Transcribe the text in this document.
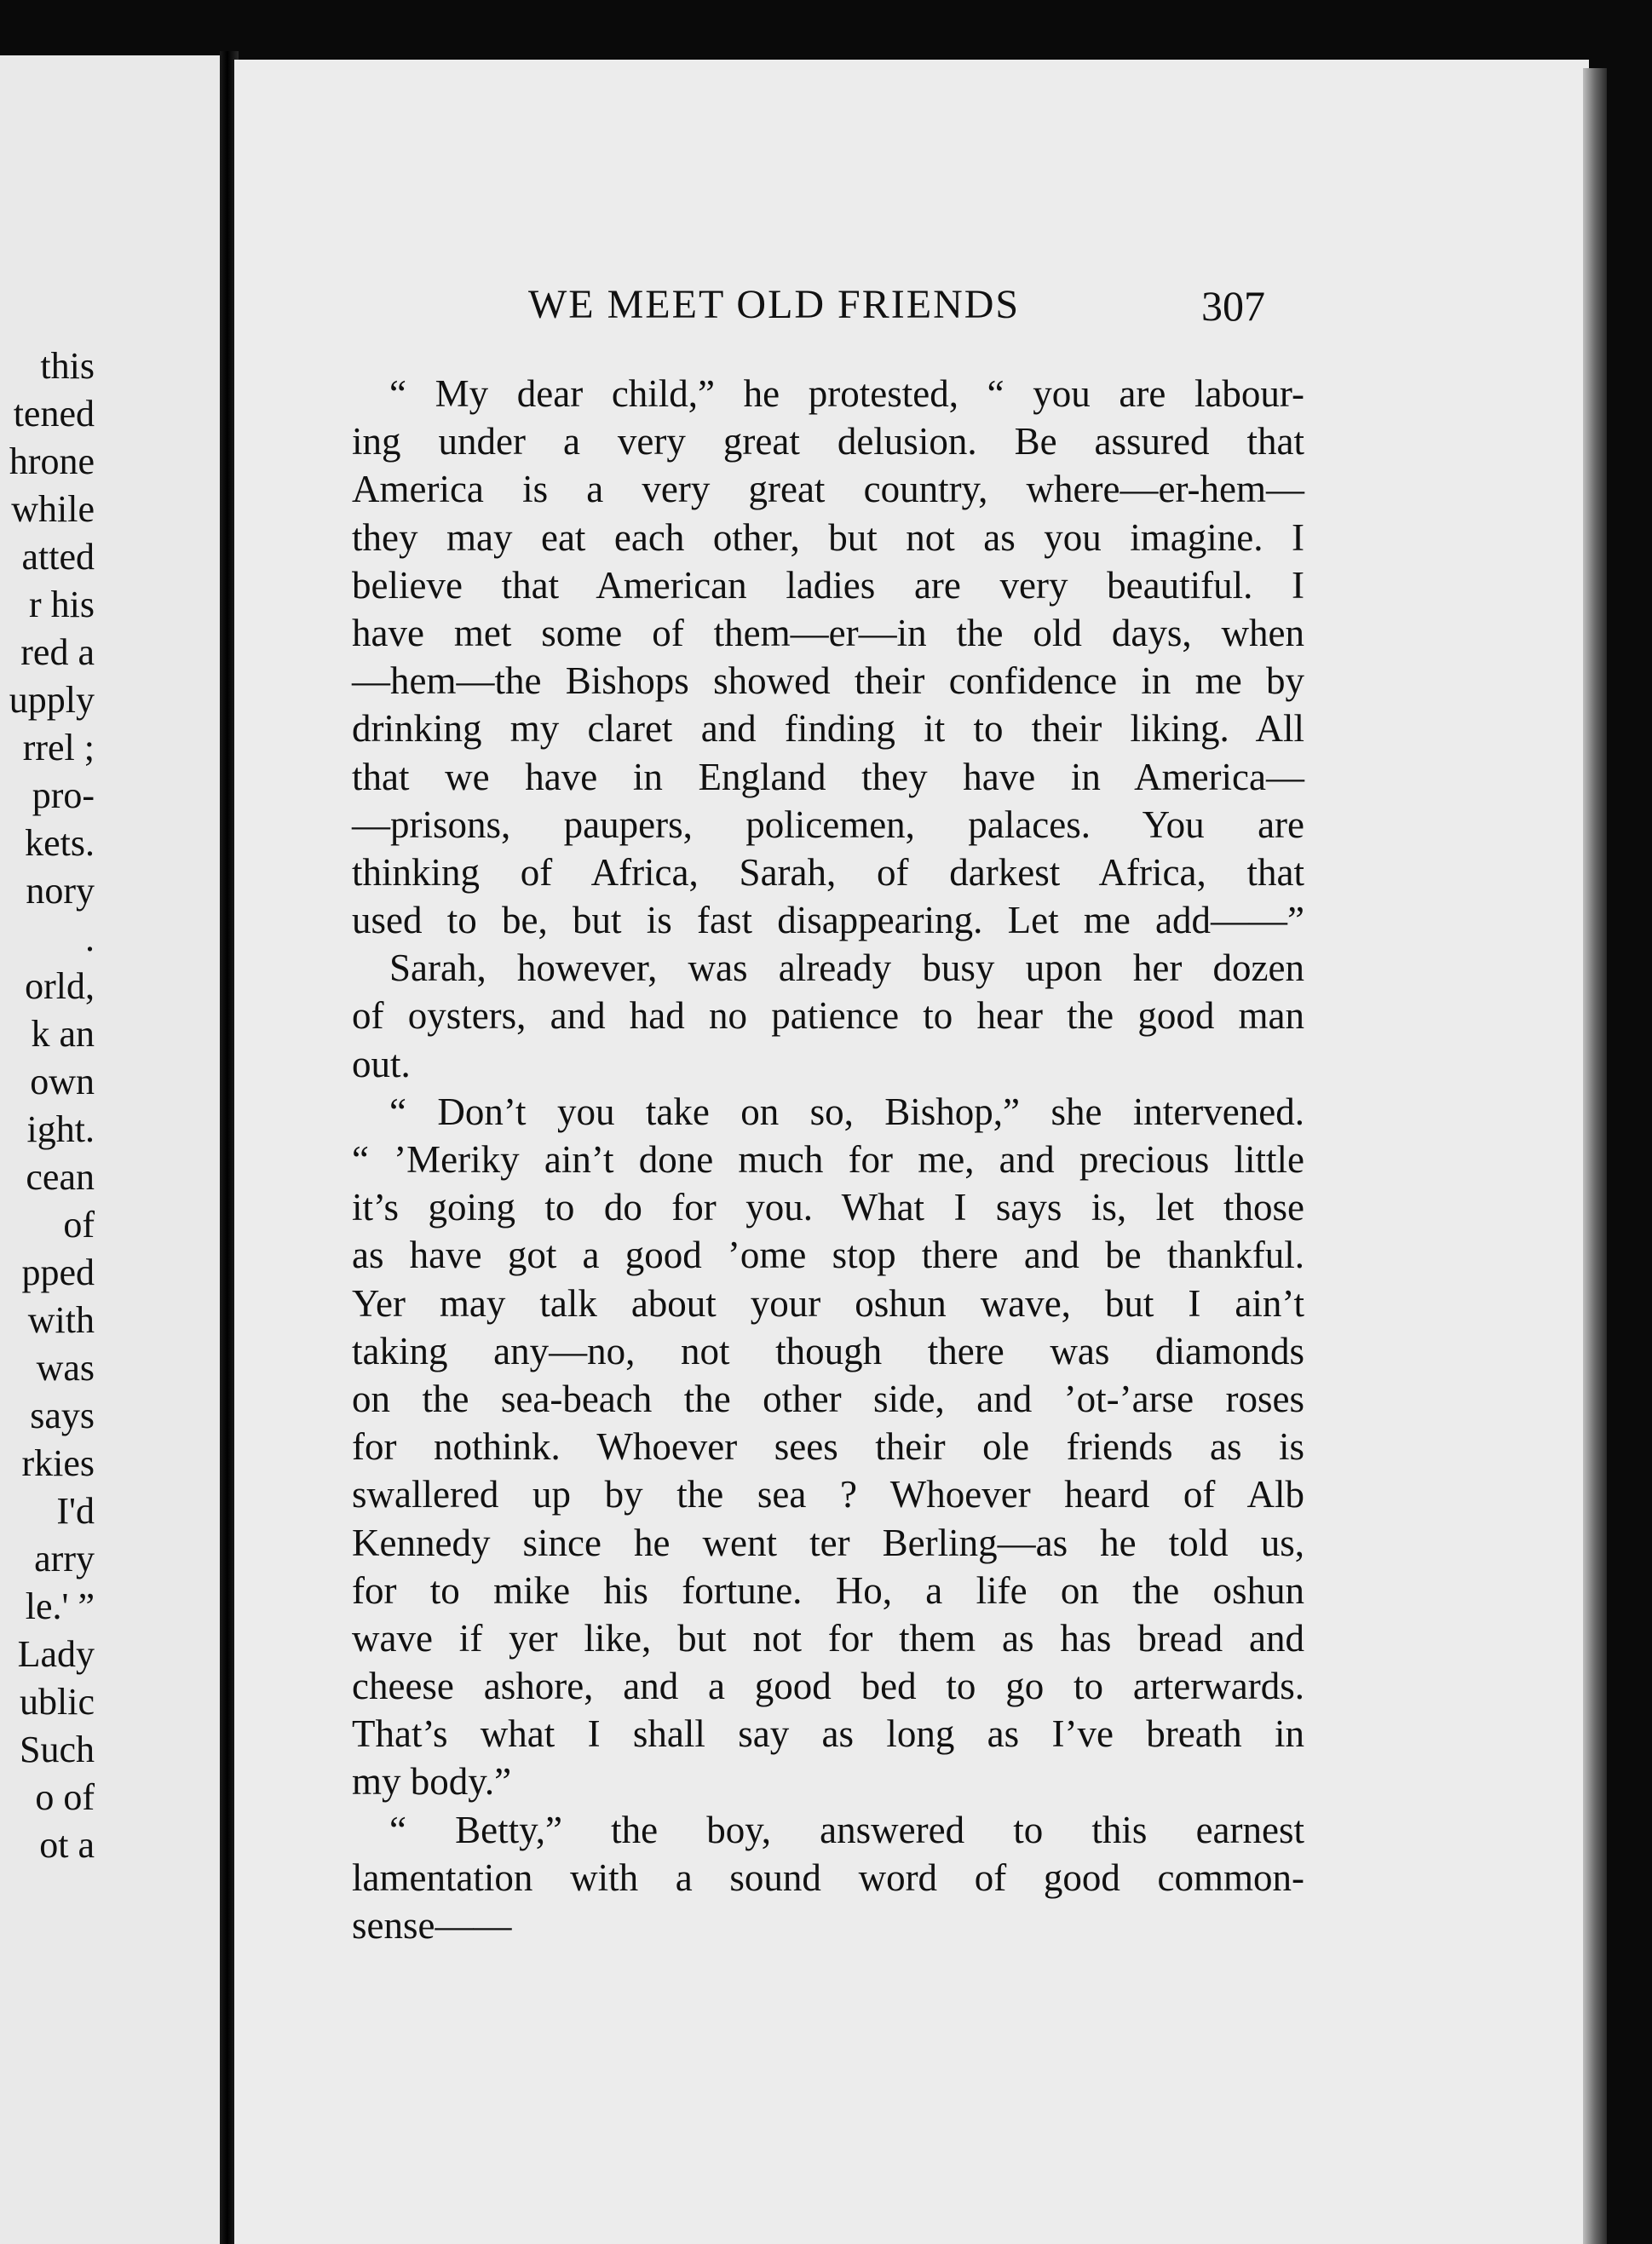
this
tened
hrone
while
atted
r his
red a
upply
rrel ;
pro-
kets.
nory
.
orld,
k an
own
ight.
cean
of
pped
with
was
says
rkies
I'd
arry
le.' ”
Lady
ublic
Such
o of
ot a
WE MEET OLD FRIENDS	307
“ My dear child,” he protested, “ you are labour-
ing under a very great delusion. Be assured that
America is a very great country, where—er-hem—
they may eat each other, but not as you imagine. I
believe that American ladies are very beautiful. I
have met some of them—er—in the old days, when
—hem—the Bishops showed their confidence in me by
drinking my claret and finding it to their liking. All
that we have in England they have in America—
—prisons, paupers, policemen, palaces. You are
thinking of Africa, Sarah, of darkest Africa, that
used to be, but is fast disappearing. Let me add——”
Sarah, however, was already busy upon her dozen
of oysters, and had no patience to hear the good man
out.
“ Don’t you take on so, Bishop,” she intervened.
“ ’Meriky ain’t done much for me, and precious little
it’s going to do for you. What I says is, let those
as have got a good ’ome stop there and be thankful.
Yer may talk about your oshun wave, but I ain’t
taking any—no, not though there was diamonds
on the sea-beach the other side, and ’ot-’arse roses
for nothink. Whoever sees their ole friends as is
swallered up by the sea ? Whoever heard of Alb
Kennedy since he went ter Berling—as he told us,
for to mike his fortune. Ho, a life on the oshun
wave if yer like, but not for them as has bread and
cheese ashore, and a good bed to go to arterwards.
That’s what I shall say as long as I’ve breath in
my body.”
“ Betty,” the boy, answered to this earnest
lamentation with a sound word of good common-
sense——
